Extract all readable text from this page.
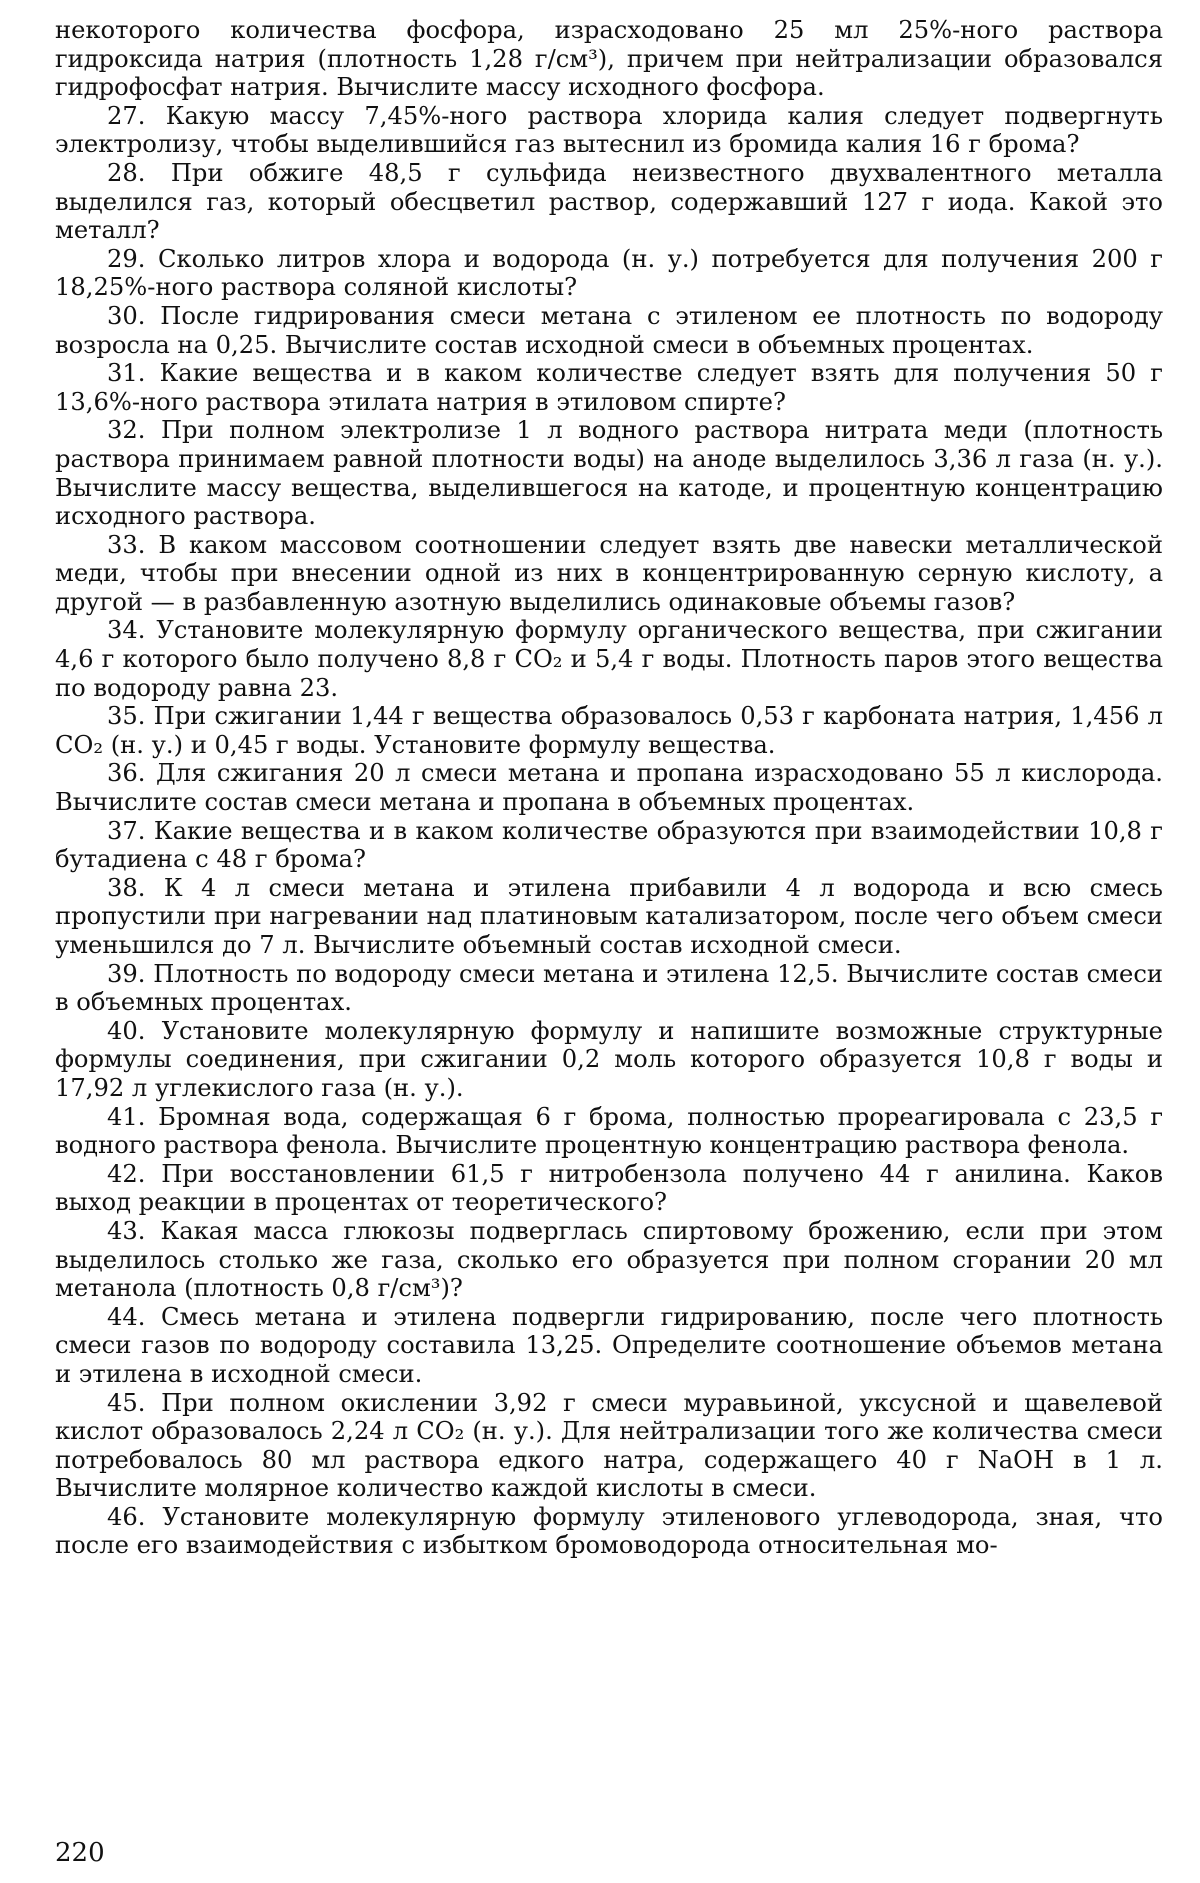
некоторого количества фосфора, израсходовано 25 мл 25%-ного раствора гидроксида натрия (плотность 1,28 г/см³), причем при нейтрализации образовался гидрофосфат натрия. Вычислите массу исходного фосфора.

27. Какую массу 7,45%-ного раствора хлорида калия следует подвергнуть электролизу, чтобы выделившийся газ вытеснил из бромида калия 16 г брома?

28. При обжиге 48,5 г сульфида неизвестного двухвалентного металла выделился газ, который обесцветил раствор, содержавший 127 г иода. Какой это металл?

29. Сколько литров хлора и водорода (н. у.) потребуется для получения 200 г 18,25%-ного раствора соляной кислоты?

30. После гидрирования смеси метана с этиленом ее плотность по водороду возросла на 0,25. Вычислите состав исходной смеси в объемных процентах.

31. Какие вещества и в каком количестве следует взять для получения 50 г 13,6%-ного раствора этилата натрия в этиловом спирте?

32. При полном электролизе 1 л водного раствора нитрата меди (плотность раствора принимаем равной плотности воды) на аноде выделилось 3,36 л газа (н. у.). Вычислите массу вещества, выделившегося на катоде, и процентную концентрацию исходного раствора.

33. В каком массовом соотношении следует взять две навески металлической меди, чтобы при внесении одной из них в концентрированную серную кислоту, а другой — в разбавленную азотную выделились одинаковые объемы газов?

34. Установите молекулярную формулу органического вещества, при сжигании 4,6 г которого было получено 8,8 г CO₂ и 5,4 г воды. Плотность паров этого вещества по водороду равна 23.

35. При сжигании 1,44 г вещества образовалось 0,53 г карбоната натрия, 1,456 л CO₂ (н. у.) и 0,45 г воды. Установите формулу вещества.

36. Для сжигания 20 л смеси метана и пропана израсходовано 55 л кислорода. Вычислите состав смеси метана и пропана в объемных процентах.

37. Какие вещества и в каком количестве образуются при взаимодействии 10,8 г бутадиена с 48 г брома?

38. К 4 л смеси метана и этилена прибавили 4 л водорода и всю смесь пропустили при нагревании над платиновым катализатором, после чего объем смеси уменьшился до 7 л. Вычислите объемный состав исходной смеси.

39. Плотность по водороду смеси метана и этилена 12,5. Вычислите состав смеси в объемных процентах.

40. Установите молекулярную формулу и напишите возможные структурные формулы соединения, при сжигании 0,2 моль которого образуется 10,8 г воды и 17,92 л углекислого газа (н. у.).

41. Бромная вода, содержащая 6 г брома, полностью прореагировала с 23,5 г водного раствора фенола. Вычислите процентную концентрацию раствора фенола.

42. При восстановлении 61,5 г нитробензола получено 44 г анилина. Каков выход реакции в процентах от теоретического?

43. Какая масса глюкозы подверглась спиртовому брожению, если при этом выделилось столько же газа, сколько его образуется при полном сгорании 20 мл метанола (плотность 0,8 г/см³)?

44. Смесь метана и этилена подвергли гидрированию, после чего плотность смеси газов по водороду составила 13,25. Определите соотношение объемов метана и этилена в исходной смеси.

45. При полном окислении 3,92 г смеси муравьиной, уксусной и щавелевой кислот образовалось 2,24 л CO₂ (н. у.). Для нейтрализации того же количества смеси потребовалось 80 мл раствора едкого натра, содержащего 40 г NaOH в 1 л. Вычислите молярное количество каждой кислоты в смеси.

46. Установите молекулярную формулу этиленового углеводорода, зная, что после его взаимодействия с избытком бромоводорода относительная мо-

220
